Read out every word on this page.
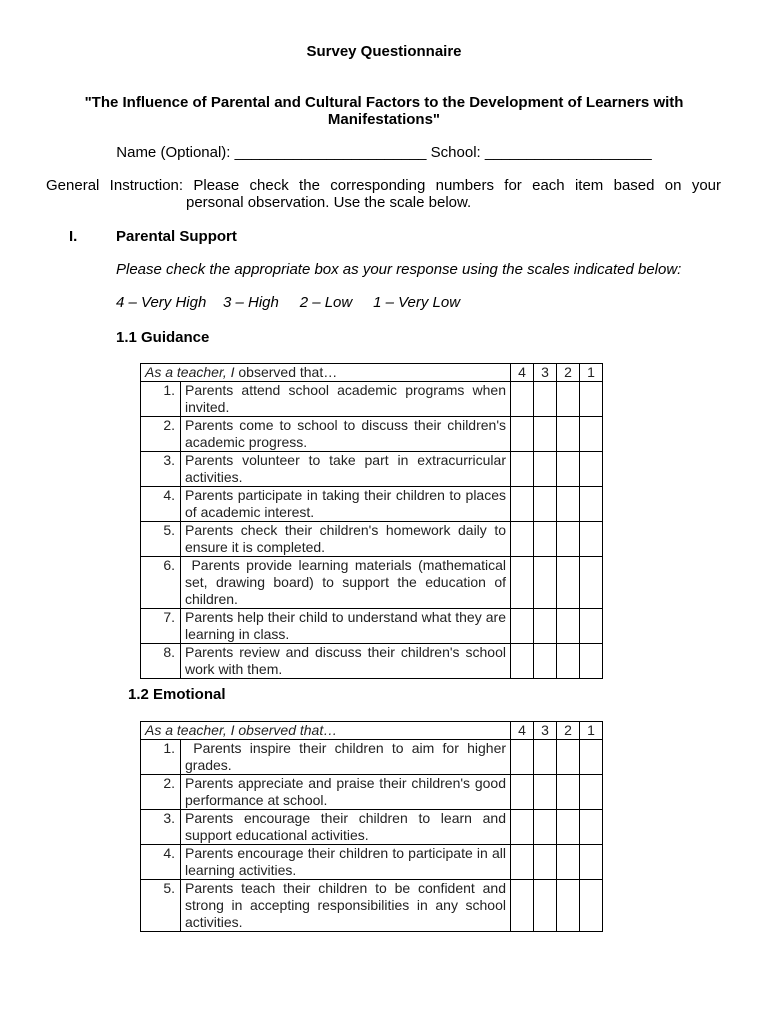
Survey Questionnaire
"The Influence of Parental and Cultural Factors to the Development of Learners with Manifestations"
Name (Optional): _______________________ School: ____________________
General Instruction: Please check the corresponding numbers for each item based on your
personal observation. Use the scale below.
I.	Parental Support
Please check the appropriate box as your response using the scales indicated below:
4 – Very High    3 – High     2 – Low     1 – Very Low
1.1 Guidance
As a teacher, I observed that…		4	3	2	1
1.	Parents attend school academic programs when invited.				
2.	Parents come to school to discuss their children's academic progress.				
3.	Parents volunteer to take part in extracurricular activities.				
4.	Parents participate in taking their children to places of academic interest.				
5.	Parents check their children's homework daily to ensure it is completed.				
6.	Parents provide learning materials (mathematical set, drawing board) to support the education of children.				
7.	Parents help their child to understand what they are learning in class.				
8.	Parents review and discuss their children's school work with them.				
1.2 Emotional
As a teacher, I observed that…		4	3	2	1
1.	Parents inspire their children to aim for higher grades.				
2.	Parents appreciate and praise their children's good performance at school.				
3.	Parents encourage their children to learn and support educational activities.				
4.	Parents encourage their children to participate in all learning activities.				
5.	Parents teach their children to be confident and strong in accepting responsibilities in any school activities.				
